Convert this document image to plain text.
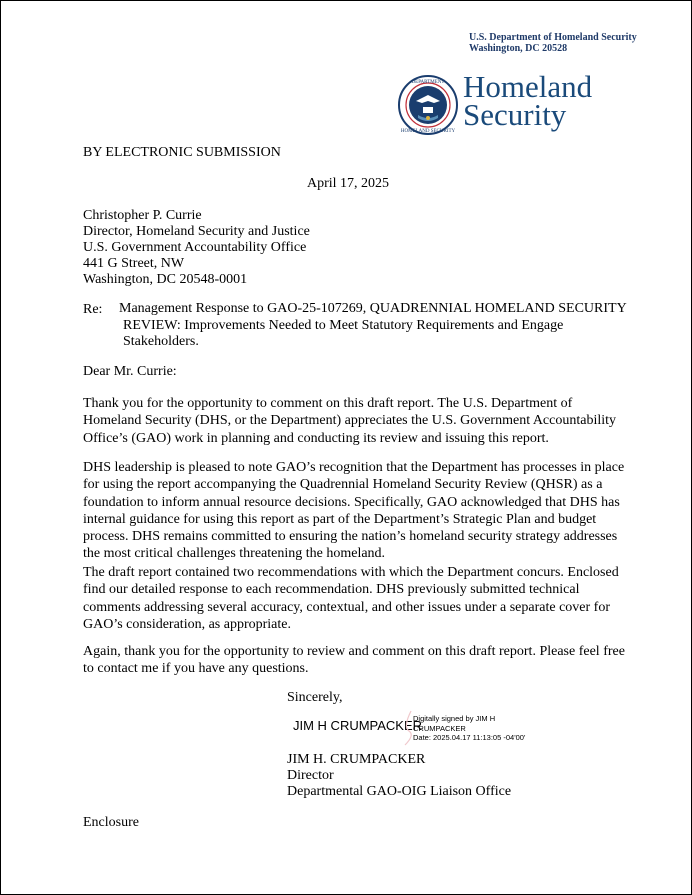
U.S. Department of Homeland Security
Washington, DC 20528
DEPARTMENT
HOMELAND SECURITY
Homeland
Security
BY ELECTRONIC SUBMISSION
April 17, 2025
Christopher P. Currie
Director, Homeland Security and Justice
U.S. Government Accountability Office
441 G Street, NW
Washington, DC 20548-0001
Re: Management Response to GAO-25-107269, QUADRENNIAL HOMELAND SECURITY
REVIEW: Improvements Needed to Meet Statutory Requirements and Engage
Stakeholders.
Dear Mr. Currie:
Thank you for the opportunity to comment on this draft report. The U.S. Department of
Homeland Security (DHS, or the Department) appreciates the U.S. Government Accountability
Office’s (GAO) work in planning and conducting its review and issuing this report.
DHS leadership is pleased to note GAO’s recognition that the Department has processes in place
for using the report accompanying the Quadrennial Homeland Security Review (QHSR) as a
foundation to inform annual resource decisions. Specifically, GAO acknowledged that DHS has
internal guidance for using this report as part of the Department’s Strategic Plan and budget
process. DHS remains committed to ensuring the nation’s homeland security strategy addresses
the most critical challenges threatening the homeland.
The draft report contained two recommendations with which the Department concurs. Enclosed
find our detailed response to each recommendation. DHS previously submitted technical
comments addressing several accuracy, contextual, and other issues under a separate cover for
GAO’s consideration, as appropriate.
Again, thank you for the opportunity to review and comment on this draft report. Please feel free
to contact me if you have any questions.
Sincerely,
JIM H CRUMPACKER
Digitally signed by JIM H
CRUMPACKER
Date: 2025.04.17 11:13:05 -04'00'
JIM H. CRUMPACKER
Director
Departmental GAO-OIG Liaison Office
Enclosure
